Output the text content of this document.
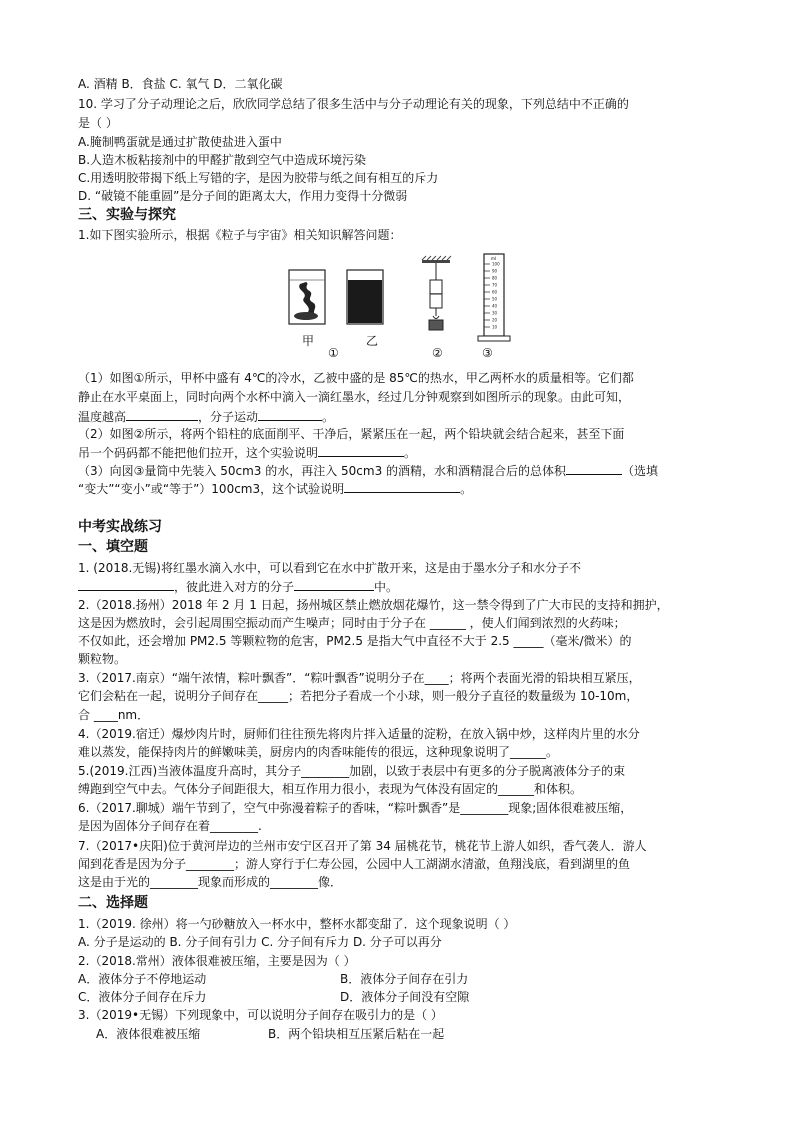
A. 酒精 B．食盐 C. 氧气 D．二氧化碳
10. 学习了分子动理论之后，欣欣同学总结了很多生活中与分子动理论有关的现象，下列总结中不正确的
是（ ）
A.腌制鸭蛋就是通过扩散使盐进入蛋中
B.人造木板粘接剂中的甲醛扩散到空气中造成环境污染
C.用透明胶带揭下纸上写错的字，是因为胶带与纸之间有相互的斥力
D. “破镜不能重圆”是分子间的距离太大，作用力变得十分微弱
三、实验与探究
1.如下图实验所示，根据《粒子与宇宙》相关知识解答问题：
甲	乙
①	②
ml
100
90
80
70
60
50
40
30
20
10
③
（1）如图①所示，甲杯中盛有 4℃的冷水，乙被中盛的是 85℃的热水，甲乙两杯水的质量相等。它们都
静止在水平桌面上，同时向两个水杯中滴入一滴红墨水，经过几分钟观察到如图所示的现象。由此可知，
温度越高	，分子运动	。
（2）如图②所示，将两个铅柱的底面削平、干净后，紧紧压在一起，两个铅块就会结合起来，甚至下面
吊一个码码都不能把他们拉开，这个实验说明	。
（3）向図③量筒中先装入 50cm3 的水，再注入 50cm3 的酒精，水和酒精混合后的总体积	（选填
“变大”“变小”或“等于”）100cm3，这个试验说明	。
中考实战练习
一、填空题
1. (2018.无锡)将红墨水滴入水中，可以看到它在水中扩散开来，这是由于墨水分子和水分子不
，彼此进入对方的分子	中。
2.（2018.扬州）2018 年 2 月 1 日起，扬州城区禁止燃放烟花爆竹，这一禁令得到了广大市民的支持和拥护，
这是因为燃放时，会引起周围空振动而产生噪声；同时由于分子在 ______ ，使人们闻到浓烈的火药味；
不仅如此，还会增加 PM2.5 等颗粒物的危害，PM2.5 是指大气中直径不大于 2.5 _____（毫米/微米）的
颗粒物。
3.（2017.南京）“端午浓情，粽叶飘香”．“粽叶飘香”说明分子在____；将两个表面光滑的铅块相互紧压，
它们会粘在一起，说明分子间存在_____；若把分子看成一个小球，则一般分子直径的数量级为 10-10m，
合 ____nm．
4.（2019.宿迁）爆炒肉片时，厨师们往往预先将肉片拌入适量的淀粉，在放入锅中炒，这样肉片里的水分
难以蒸发，能保持肉片的鲜嫩味美，厨房内的肉香味能传的很远，这种现象说明了______。
5.(2019.江西)当液体温度升高时，其分子________加剧，以致于表层中有更多的分子脱离液体分子的束
缚跑到空气中去。气体分子间距很大，相互作用力很小，表现为气体没有固定的______和体积。
6.（2017.聊城）端午节到了，空气中弥漫着粽子的香味，“粽叶飘香”是________现象;固体很难被压缩，
是因为固体分子间存在着________.
7.（2017•庆阳)位于黄河岸边的兰州市安宁区召开了第 34 届桃花节，桃花节上游人如织，香气袭人．游人
闻到花香是因为分子________；游人穿行于仁寿公园，公园中人工湖湖水清澈，鱼翔浅底，看到湖里的鱼
这是由于光的________现象而形成的________像．
二、选择题
1.（2019. 徐州）将一勺砂糖放入一杯水中，整杯水都变甜了．这个现象说明（ ）
A. 分子是运动的 B. 分子间有引力 C. 分子间有斥力 D. 分子可以再分
2.（2018.常州）液体很难被压缩，主要是因为（ ）
A．液体分子不停地运动	B．液体分子间存在引力
C．液体分子间存在斥力	D．液体分子间没有空隙
3.（2019•无锡）下列现象中，可以说明分子间存在吸引力的是（ ）
A．液体很难被压缩	B．两个铅块相互压紧后粘在一起
